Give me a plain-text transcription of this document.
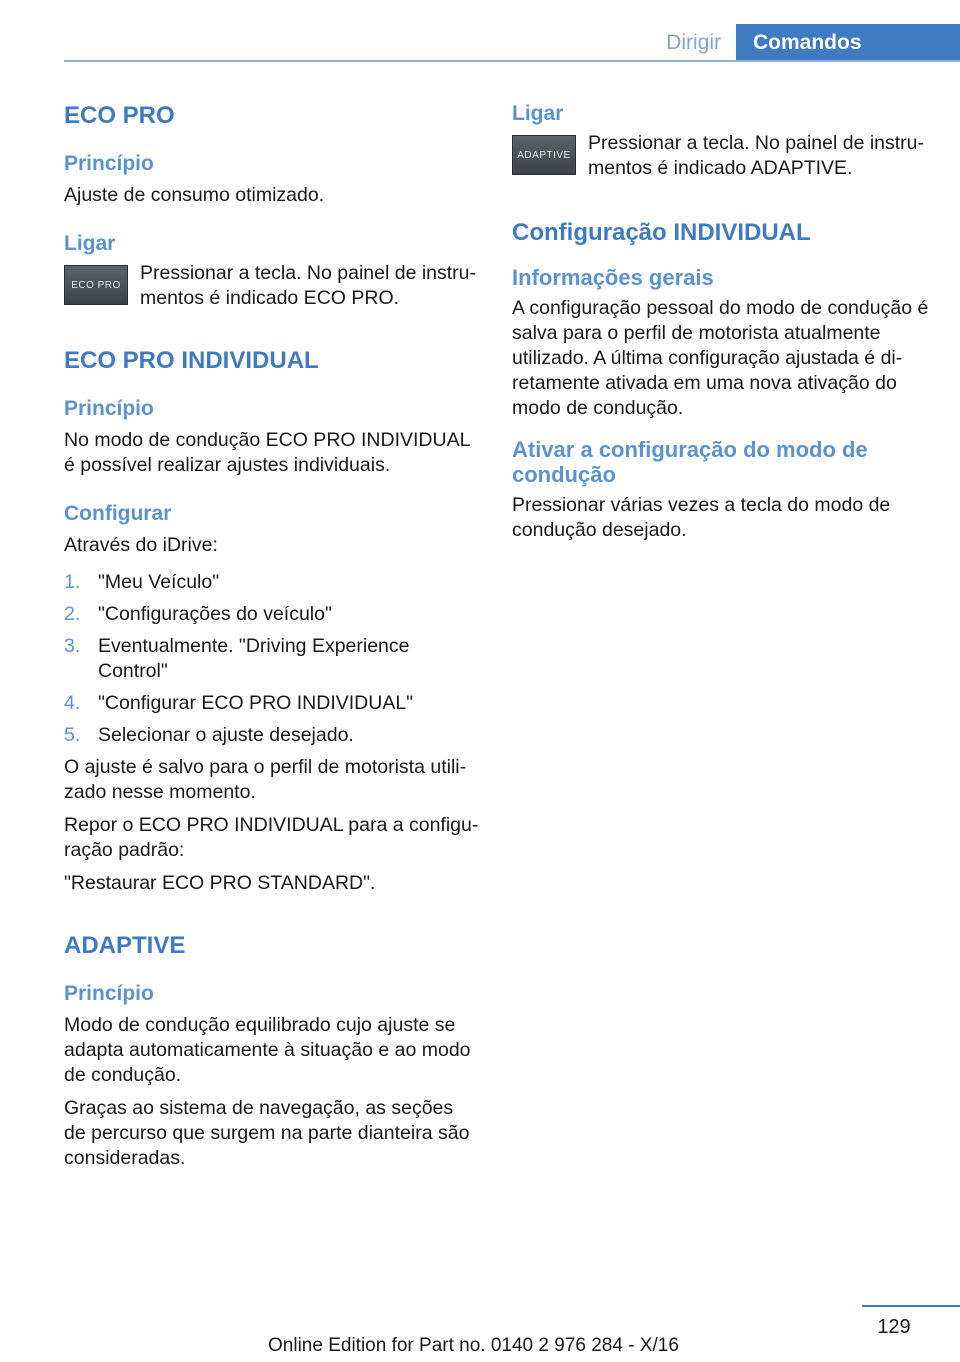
Dirigir	Comandos
ECO PRO
Princípio

Ajuste de consumo otimizado.

Ligar
ECO PRO

Pressionar a tecla. No painel de instru‐
mentos é indicado ECO PRO.

ECO PRO INDIVIDUAL
Princípio

No modo de condução ECO PRO INDIVIDUAL é possível realizar ajustes individuais.

Configurar

Através do iDrive:

1. "Meu Veículo"
2. "Configurações do veículo"
3. Eventualmente. "Driving Experience Control"
4. "Configurar ECO PRO INDIVIDUAL"
5. Selecionar o ajuste desejado.

O ajuste é salvo para o perfil de motorista utili‐
zado nesse momento.

Repor o ECO PRO INDIVIDUAL para a configu‐
ração padrão:

"Restaurar ECO PRO STANDARD".

ADAPTIVE
Princípio

Modo de condução equilibrado cujo ajuste se adapta automaticamente à situação e ao modo de condução.

Graças ao sistema de navegação, as seções de percurso que surgem na parte dianteira são consideradas.

Ligar
ADAPTIVE

Pressionar a tecla. No painel de instru‐
mentos é indicado ADAPTIVE.

Configuração INDIVIDUAL
Informações gerais

A configuração pessoal do modo de condução é salva para o perfil de motorista atualmente utilizado. A última configuração ajustada é di‐
retamente ativada em uma nova ativação do modo de condução.

Ativar a configuração do modo de condução

Pressionar várias vezes a tecla do modo de condução desejado.

129
Online Edition for Part no. 0140 2 976 284 - X/16
